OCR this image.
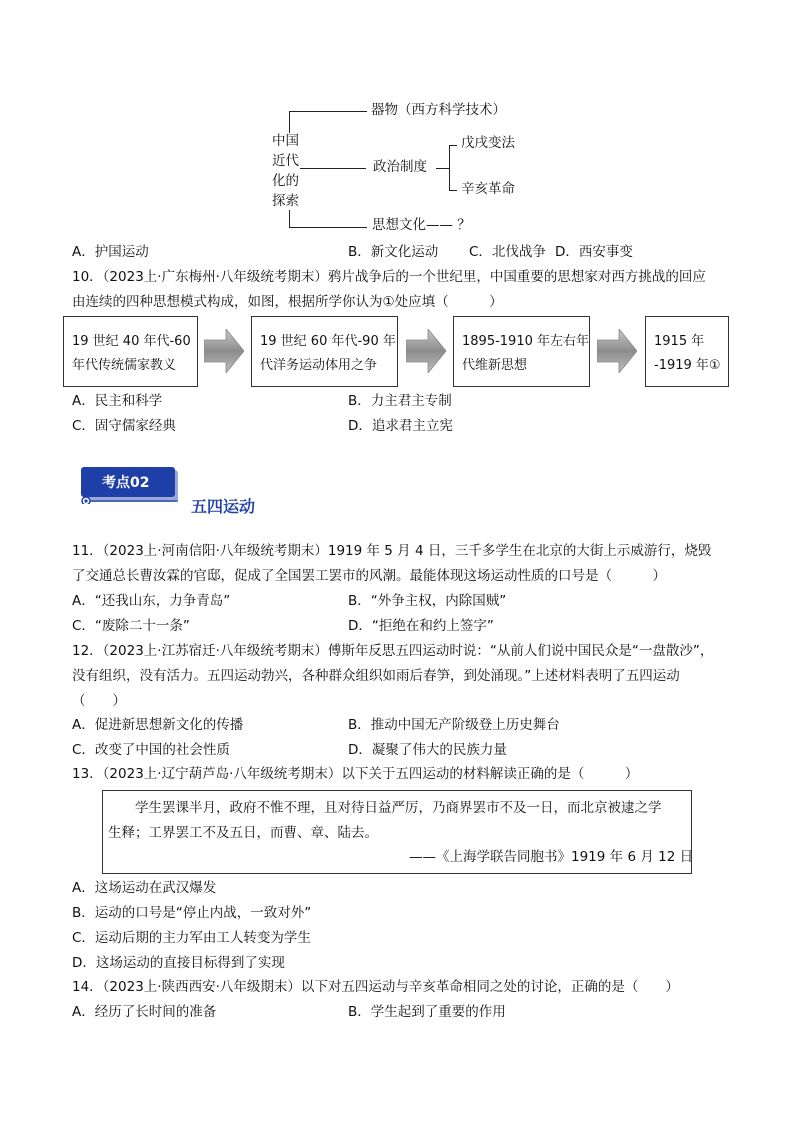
中国
近代
化的
探索
器物（西方科学技术）
政治制度
思想文化—— ？
戊戌变法
辛亥革命
A．护国运动	B．新文化运动 C．北伐战争 D．西安事变
10．（2023上·广东梅州·八年级统考期末）鸦片战争后的一个世纪里，中国重要的思想家对西方挑战的回应
由连续的四种思想模式构成，如图，根据所学你认为①处应填（　　　）
19 世纪 40 年代-60
年代传统儒家教义
19 世纪 60 年代-90 年
代洋务运动体用之争
1895-1910 年左右年
代维新思想
1915 年
-1919 年①
A．民主和科学	B．力主君主专制
C．固守儒家经典	D．追求君主立宪
考点02
五四运动
11．（2023上·河南信阳·八年级统考期末）1919 年 5 月 4 日，三千多学生在北京的大街上示威游行，烧毁
了交通总长曹汝霖的官邸，促成了全国罢工罢市的风潮。最能体现这场运动性质的口号是（　　　）
A．“还我山东，力争青岛”	B．“外争主权，内除国贼”
C．“废除二十一条”	D．“拒绝在和约上签字”
12．（2023上·江苏宿迁·八年级统考期末）傅斯年反思五四运动时说：“从前人们说中国民众是“一盘散沙”，
没有组织，没有活力。五四运动勃兴，各种群众组织如雨后春笋，到处涌现。”上述材料表明了五四运动
（　　）
A．促进新思想新文化的传播	B．推动中国无产阶级登上历史舞台
C．改变了中国的社会性质	D．凝聚了伟大的民族力量
13．（2023上·辽宁葫芦岛·八年级统考期末）以下关于五四运动的材料解读正确的是（　　　）
学生罢课半月，政府不惟不理，且对待日益严厉，乃商界罢市不及一日，而北京被逮之学
生释；工界罢工不及五日，而曹、章、陆去。
——《上海学联告同胞书》1919 年 6 月 12 日
A．这场运动在武汉爆发
B．运动的口号是“停止内战，一致对外”
C．运动后期的主力军由工人转变为学生
D．这场运动的直接目标得到了实现
14．（2023上·陕西西安·八年级期末）以下对五四运动与辛亥革命相同之处的讨论，正确的是（　　）
A．经历了长时间的准备	B．学生起到了重要的作用
